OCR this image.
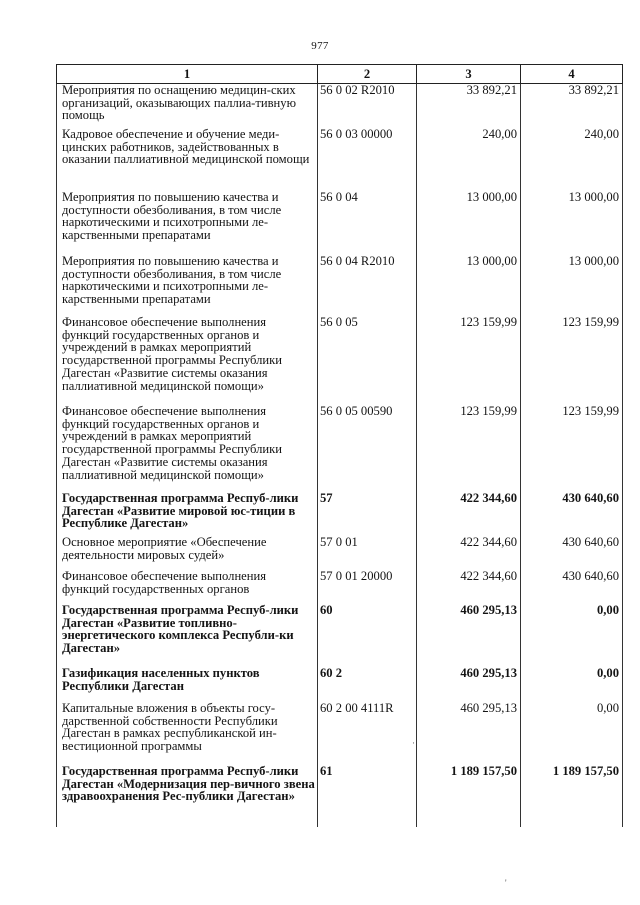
977
1	2	3	4
Мероприятия по оснащению медицин-ских организаций, оказывающих паллиа-тивную помощь	56 0 02 R2010	33 892,21	33 892,21
Кадровое обеспечение и обучение меди-цинских работников, задействованных в оказании паллиативной медицинской помощи	56 0 03 00000	240,00	240,00
Мероприятия по повышению качества и доступности обезболивания, в том числе наркотическими и психотропными ле-карственными препаратами	56 0 04	13 000,00	13 000,00
Мероприятия по повышению качества и доступности обезболивания, в том числе наркотическими и психотропными ле-карственными препаратами	56 0 04 R2010	13 000,00	13 000,00
Финансовое обеспечение выполнения функций государственных органов и учреждений в рамках мероприятий государственной программы Республики Дагестан «Развитие системы оказания паллиативной медицинской помощи»	56 0 05	123 159,99	123 159,99
Финансовое обеспечение выполнения функций государственных органов и учреждений в рамках мероприятий государственной программы Республики Дагестан «Развитие системы оказания паллиативной медицинской помощи»	56 0 05 00590	123 159,99	123 159,99
Государственная программа Респуб-лики Дагестан «Развитие мировой юс-тиции в Республике Дагестан»	57	422 344,60	430 640,60
Основное мероприятие «Обеспечение деятельности мировых судей»	57 0 01	422 344,60	430 640,60
Финансовое обеспечение выполнения функций государственных органов	57 0 01 20000	422 344,60	430 640,60
Государственная программа Респуб-лики Дагестан «Развитие топливно-энергетического комплекса Республи-ки Дагестан»	60	460 295,13	0,00
Газификация населенных пунктов Республики Дагестан	60 2	460 295,13	0,00
Капитальные вложения в объекты госу-дарственной собственности Республики Дагестан в рамках республиканской ин-вестиционной программы	60 2 00 4111R	460 295,13	0,00
Государственная программа Респуб-лики Дагестан «Модернизация пер-вичного звена здравоохранения Рес-публики Дагестан»	61	1 189 157,50	1 189 157,50
·
'
